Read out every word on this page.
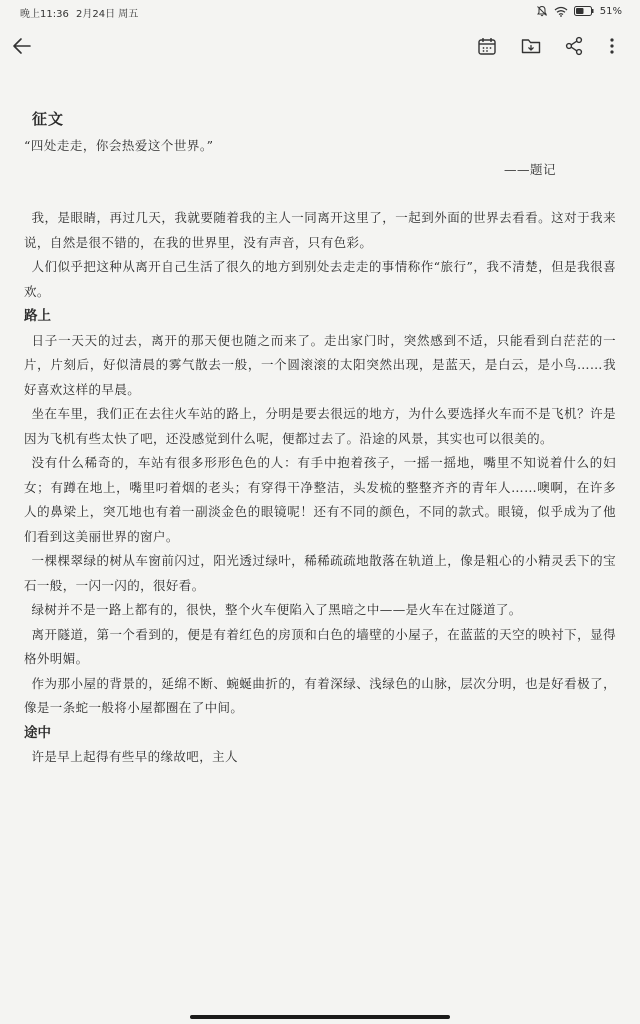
晚上11:36 2月24日 周五	51%
征文
“四处走走，你会热爱这个世界。”
——题记

我，是眼睛，再过几天，我就要随着我的主人一同离开这里了，一起到外面的世界去看看。这对于我来说，自然是很不错的，在我的世界里，没有声音，只有色彩。

人们似乎把这种从离开自己生活了很久的地方到别处去走走的事情称作“旅行”，我不清楚，但是我很喜欢。

路上

日子一天天的过去，离开的那天便也随之而来了。走出家门时，突然感到不适，只能看到白茫茫的一片，片刻后，好似清晨的雾气散去一般，一个圆滚滚的太阳突然出现，是蓝天，是白云，是小鸟……我好喜欢这样的早晨。

坐在车里，我们正在去往火车站的路上，分明是要去很远的地方，为什么要选择火车而不是飞机？许是因为飞机有些太快了吧，还没感觉到什么呢，便都过去了。沿途的风景，其实也可以很美的。

没有什么稀奇的，车站有很多形形色色的人：有手中抱着孩子，一摇一摇地，嘴里不知说着什么的妇女；有蹲在地上，嘴里叼着烟的老头；有穿得干净整洁，头发梳的整整齐齐的青年人……噢啊，在许多人的鼻梁上，突兀地也有着一副淡金色的眼镜呢！还有不同的颜色，不同的款式。眼镜，似乎成为了他们看到这美丽世界的窗户。

一棵棵翠绿的树从车窗前闪过，阳光透过绿叶，稀稀疏疏地散落在轨道上，像是粗心的小精灵丢下的宝石一般，一闪一闪的，很好看。

绿树并不是一路上都有的，很快，整个火车便陷入了黑暗之中——是火车在过隧道了。

离开隧道，第一个看到的，便是有着红色的房顶和白色的墙壁的小屋子，在蓝蓝的天空的映衬下，显得格外明媚。

作为那小屋的背景的，延绵不断、蜿蜒曲折的，有着深绿、浅绿色的山脉，层次分明，也是好看极了，像是一条蛇一般将小屋都圈在了中间。

途中

许是早上起得有些早的缘故吧，主人
